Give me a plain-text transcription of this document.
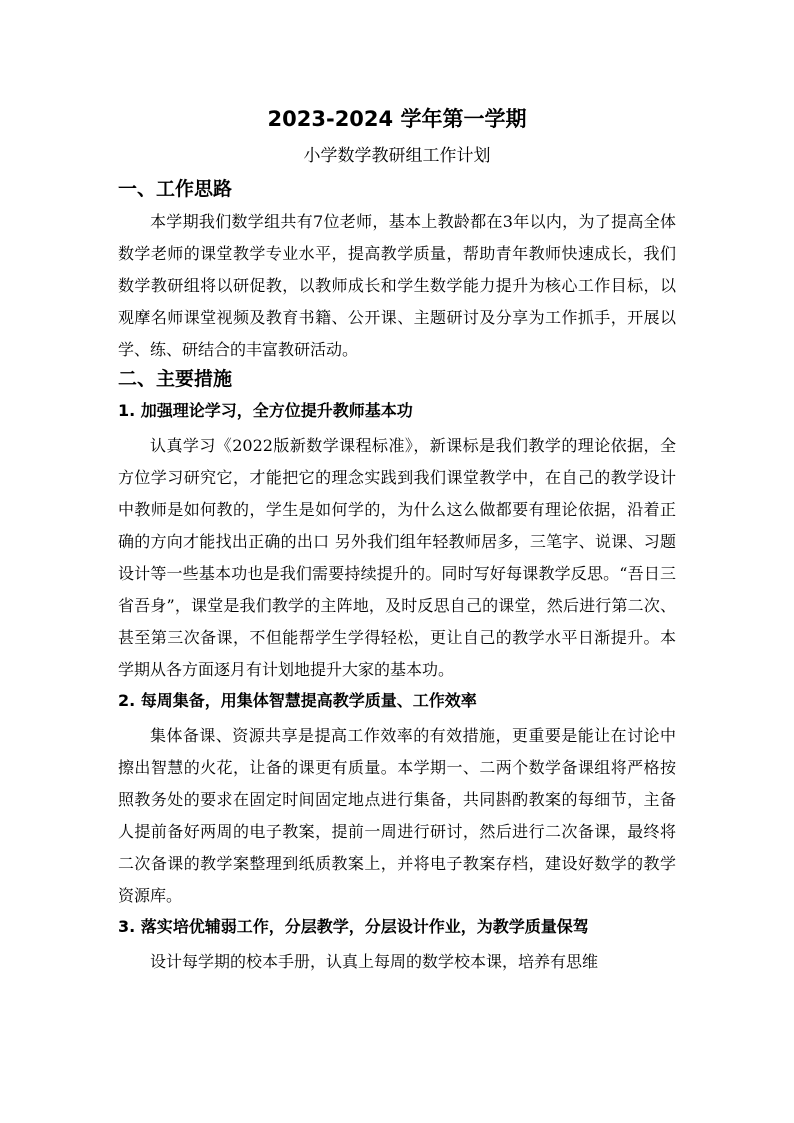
2023-2024 学年第一学期
小学数学教研组工作计划
一、工作思路

本学期我们数学组共有7位老师，基本上教龄都在3年以内，为了提高全体数学老师的课堂教学专业水平，提高教学质量，帮助青年教师快速成长，我们数学教研组将以研促教，以教师成长和学生数学能力提升为核心工作目标，以观摩名师课堂视频及教育书籍、公开课、主题研讨及分享为工作抓手，开展以学、练、研结合的丰富教研活动。

二、主要措施
1. 加强理论学习，全方位提升教师基本功

认真学习《2022版新数学课程标准》，新课标是我们教学的理论依据，全方位学习研究它，才能把它的理念实践到我们课堂教学中，在自己的教学设计中教师是如何教的，学生是如何学的，为什么这么做都要有理论依据，沿着正确的方向才能找出正确的出口 另外我们组年轻教师居多，三笔字、说课、习题设计等一些基本功也是我们需要持续提升的。同时写好每课教学反思。“吾日三省吾身”，课堂是我们教学的主阵地，及时反思自己的课堂，然后进行第二次、甚至第三次备课，不但能帮学生学得轻松，更让自己的教学水平日渐提升。本学期从各方面逐月有计划地提升大家的基本功。

2. 每周集备，用集体智慧提高教学质量、工作效率

集体备课、资源共享是提高工作效率的有效措施，更重要是能让在讨论中擦出智慧的火花，让备的课更有质量。本学期一、二两个数学备课组将严格按照教务处的要求在固定时间固定地点进行集备，共同斟酌教案的每细节，主备人提前备好两周的电子教案，提前一周进行研讨，然后进行二次备课，最终将二次备课的教学案整理到纸质教案上，并将电子教案存档，建设好数学的教学资源库。

3. 落实培优辅弱工作，分层教学，分层设计作业，为教学质量保驾

设计每学期的校本手册，认真上每周的数学校本课，培养有思维
